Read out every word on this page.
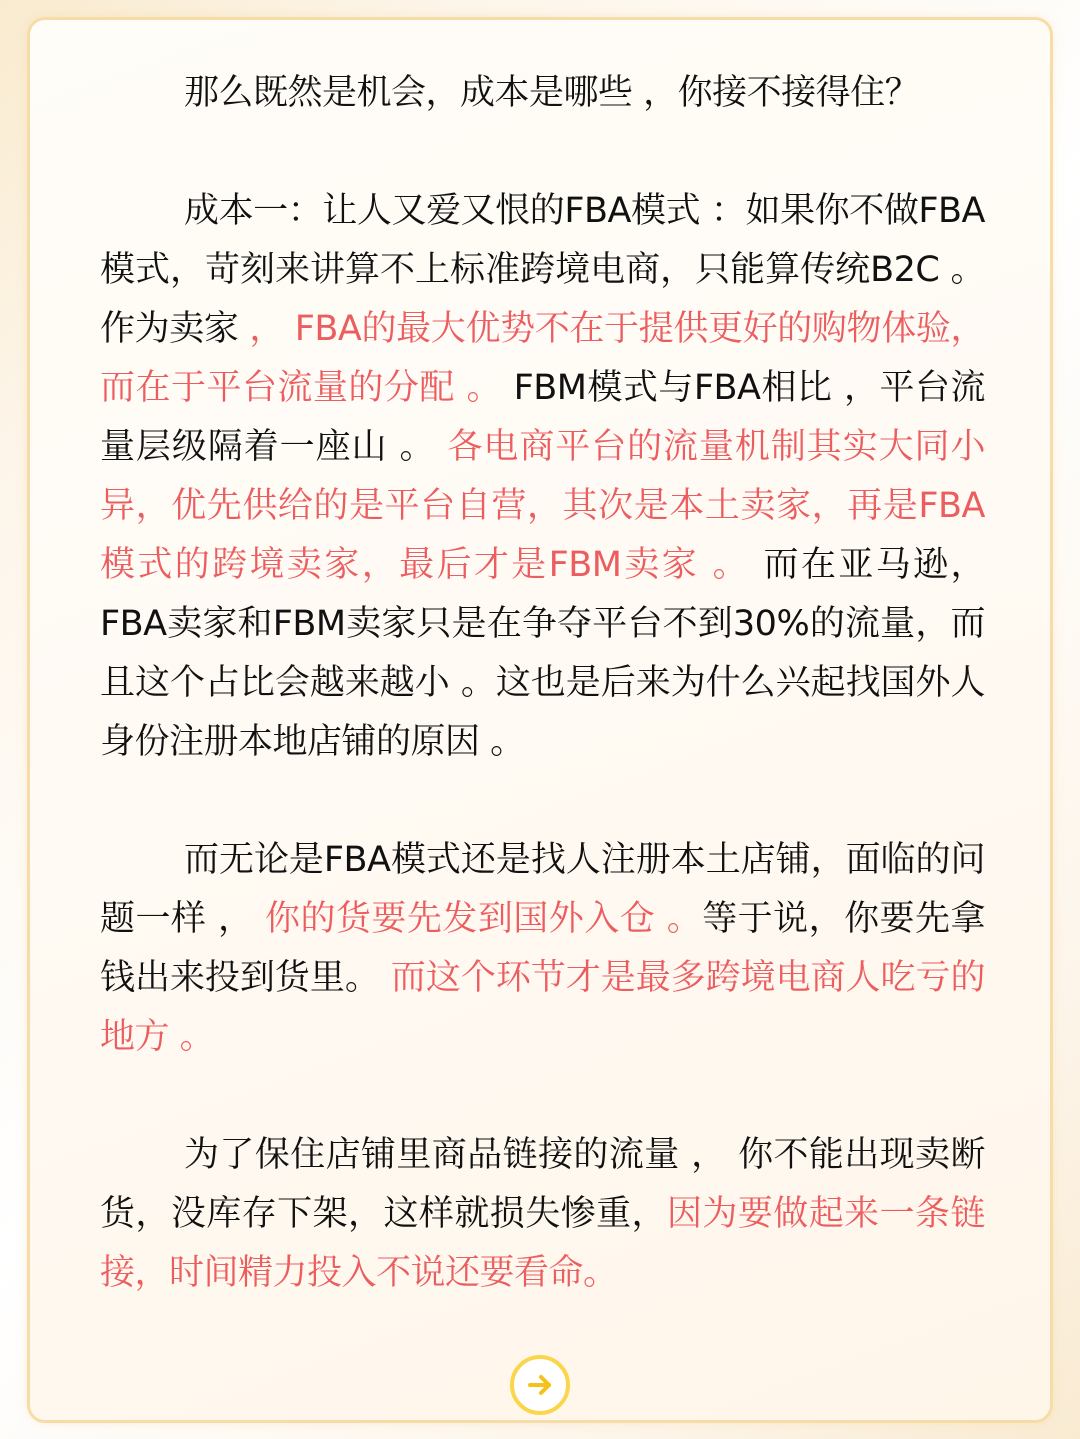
那么既然是机会，成本是哪些 ，你接不接得住？

成本一：让人又爱又恨的FBA模式 ：如果你不做FBA模式，苛刻来讲算不上标准跨境电商，只能算传统B2C 。作为卖家 ， FBA的最大优势不在于提供更好的购物体验，而在于平台流量的分配 。 FBM模式与FBA相比 ，平台流量层级隔着一座山 。 各电商平台的流量机制其实大同小异，优先供给的是平台自营，其次是本土卖家，再是FBA模式的跨境卖家，最后才是FBM卖家 。 而在亚马逊，FBA卖家和FBM卖家只是在争夺平台不到30%的流量，而且这个占比会越来越小 。这也是后来为什么兴起找国外人身份注册本地店铺的原因 。

而无论是FBA模式还是找人注册本土店铺，面临的问题一样 ， 你的货要先发到国外入仓 。等于说，你要先拿钱出来投到货里。 而这个环节才是最多跨境电商人吃亏的地方 。

为了保住店铺里商品链接的流量 ， 你不能出现卖断货，没库存下架，这样就损失惨重，因为要做起来一条链接，时间精力投入不说还要看命。
